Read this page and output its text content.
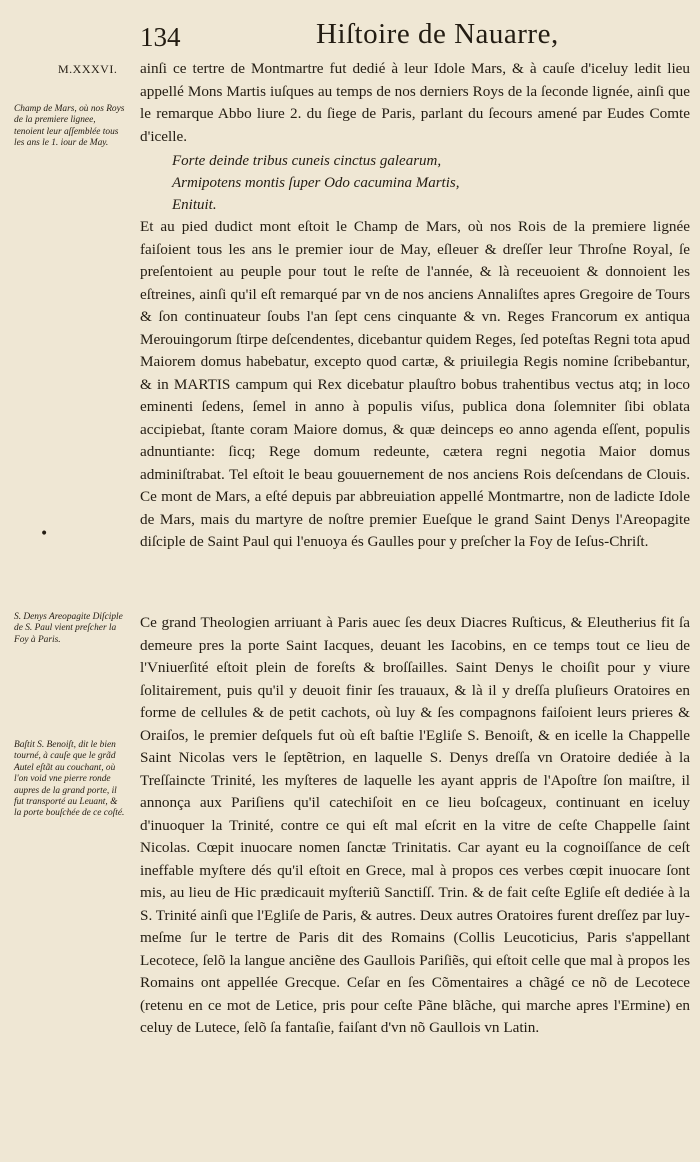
134	Hiſtoire de Nauarre,
M.XXXVI.
Champ de Mars, où nos Roys de la premiere lignee, tenoient leur aſſemblée tous les ans le 1. iour de May.
S. Denys Areopagite Diſciple de S. Paul vient preſcher la Foy à Paris.
Baſtit S. Benoiſt, dit le bien tourné, à cauſe que le grãd Autel eſtãt au couchant, où l'on void vne pierre ronde aupres de la grand porte, il fut transporté au Leuant, & la porte bouſchée de ce coſté.

ainſi ce tertre de Montmartre fut dedié à leur Idole Mars, & à cauſe d'iceluy ledit lieu appellé Mons Martis iuſques au temps de nos derniers Roys de la ſeconde lignée, ainſi que le remarque Abbo liure 2. du ſiege de Paris, parlant du ſecours amené par Eudes Comte d'icelle.

Forte deinde tribus cuneis cinctus galearum,
Armipotens montis ſuper Odo cacumina Martis,
Enituit.

Et au pied dudict mont eſtoit le Champ de Mars, où nos Rois de la premiere lignée faiſoient tous les ans le premier iour de May, eſleuer & dreſſer leur Throſne Royal, ſe preſentoient au peuple pour tout le reſte de l'année, & là receuoient & donnoient les eſtreines, ainſi qu'il eſt remarqué par vn de nos anciens Annaliſtes apres Gregoire de Tours & ſon continuateur ſoubs l'an ſept cens cinquante & vn. Reges Francorum ex antiqua Merouingorum ſtirpe deſcendentes, dicebantur quidem Reges, ſed poteſtas Regni tota apud Maiorem domus habebatur, excepto quod cartæ, & priuilegia Regis nomine ſcribebantur, & in MARTIS campum qui Rex dicebatur plauſtro bobus trahentibus vectus atq; in loco eminenti ſedens, ſemel in anno à populis viſus, publica dona ſolemniter ſibi oblata accipiebat, ſtante coram Maiore domus, & quæ deinceps eo anno agenda eſſent, populis adnuntiante: ſicq; Rege domum redeunte, cætera regni negotia Maior domus adminiſtrabat. Tel eſtoit le beau gouuernement de nos anciens Rois deſcendans de Clouis. Ce mont de Mars, a eſté depuis par abbreuiation appellé Montmartre, non de ladicte Idole de Mars, mais du martyre de noſtre premier Eueſque le grand Saint Denys l'Areopagite diſciple de Saint Paul qui l'enuoya és Gaulles pour y preſcher la Foy de Ieſus-Chriſt.

•

Ce grand Theologien arriuant à Paris auec ſes deux Diacres Ruſticus, & Eleutherius fit ſa demeure pres la porte Saint Iacques, deuant les Iacobins, en ce temps tout ce lieu de l'Vniuerſité eſtoit plein de foreſts & broſſailles. Saint Denys le choiſit pour y viure ſolitairement, puis qu'il y deuoit finir ſes trauaux, & là il y dreſſa pluſieurs Oratoires en forme de cellules & de petit cachots, où luy & ſes compagnons faiſoient leurs prieres & Oraiſos, le premier deſquels fut où eſt baſtie l'Egliſe S. Benoiſt, & en icelle la Chappelle Saint Nicolas vers le ſeptẽtrion, en laquelle S. Denys dreſſa vn Oratoire dediée à la Treſſaincte Trinité, les myſteres de laquelle les ayant appris de l'Apoſtre ſon maiſtre, il annonça aux Pariſiens qu'il catechiſoit en ce lieu boſcageux, continuant en iceluy d'inuoquer la Trinité, contre ce qui eſt mal eſcrit en la vitre de ceſte Chappelle ſaint Nicolas. Cœpit inuocare nomen ſanctæ Trinitatis. Car ayant eu la cognoiſſance de ceſt ineffable myſtere dés qu'il eſtoit en Grece, mal à propos ces verbes cœpit inuocare ſont mis, au lieu de Hic prædicauit myſteriũ Sanctiſſ. Trin. & de fait ceſte Egliſe eſt dediée à la S. Trinité ainſi que l'Egliſe de Paris, & autres. Deux autres Oratoires furent dreſſez par luy-meſme ſur le tertre de Paris dit des Romains (Collis Leucoticius, Paris s'appellant Lecotece, ſelõ la langue anciẽne des Gaullois Pariſiẽs, qui eſtoit celle que mal à propos les Romains ont appellée Grecque. Ceſar en ſes Cõmentaires a chãgé ce nõ de Lecotece (retenu en ce mot de Letice, pris pour ceſte Pãne blãche, qui marche apres l'Ermine) en celuy de Lutece, ſelõ ſa fantaſie, faiſant d'vn nõ Gaullois vn Latin.
